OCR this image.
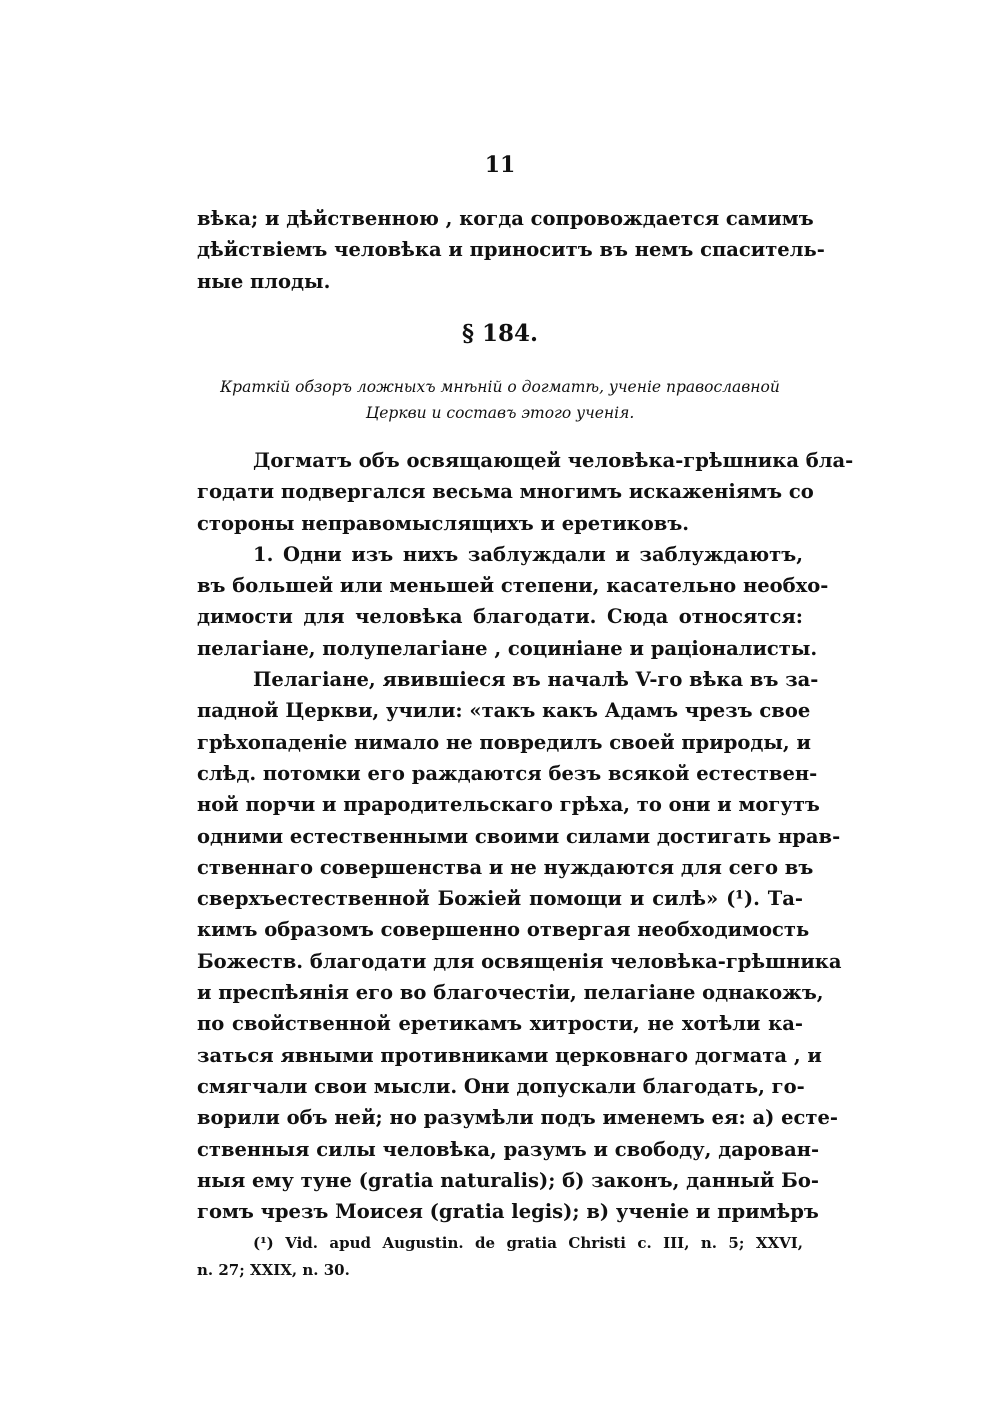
11
вѣка; и дѣйственною , когда сопровождается самимъ
дѣйствіемъ человѣка и приноситъ въ немъ спаситель-
ные плоды.
§ 184.
Краткій обзоръ ложныхъ мнѣній о догматѣ, ученіе православной
Церкви и составъ этого ученія.
Догматъ объ освящающей человѣка-грѣшника бла-
годати подвергался весьма многимъ искаженіямъ со
стороны неправомыслящихъ и еретиковъ.
1. Одни изъ нихъ заблуждали и заблуждаютъ,
въ большей или меньшей степени, касательно необхо-
димости для человѣка благодати. Сюда относятся:
пелагіане, полупелагіане , социніане и раціоналисты.
Пелагіане, явившіеся въ началѣ V-го вѣка въ за-
падной Церкви, учили: «такъ какъ Адамъ чрезъ свое
грѣхопаденіе нимало не повредилъ своей природы, и
слѣд. потомки его раждаются безъ всякой естествен-
ной порчи и прародительскаго грѣха, то они и могутъ
одними естественными своими силами достигать нрав-
ственнаго совершенства и не нуждаются для сего въ
сверхъестественной Божіей помощи и силѣ» (¹). Та-
кимъ образомъ совершенно отвергая необходимость
Божеств. благодати для освященія человѣка-грѣшника
и преспѣянія его во благочестіи, пелагіане однакожъ,
по свойственной еретикамъ хитрости, не хотѣли ка-
заться явными противниками церковнаго догмата , и
смягчали свои мысли. Они допускали благодать, го-
ворили объ ней; но разумѣли подъ именемъ ея: а) есте-
ственныя силы человѣка, разумъ и свободу, дарован-
ныя ему туне (gratia naturalis); б) законъ, данный Бо-
гомъ чрезъ Моисея (gratia legis); в) ученіе и примѣръ
(¹) Vid. apud Augustin. de gratia Christi c. III, n. 5; XXVI,
n. 27; XXIX, n. 30.
